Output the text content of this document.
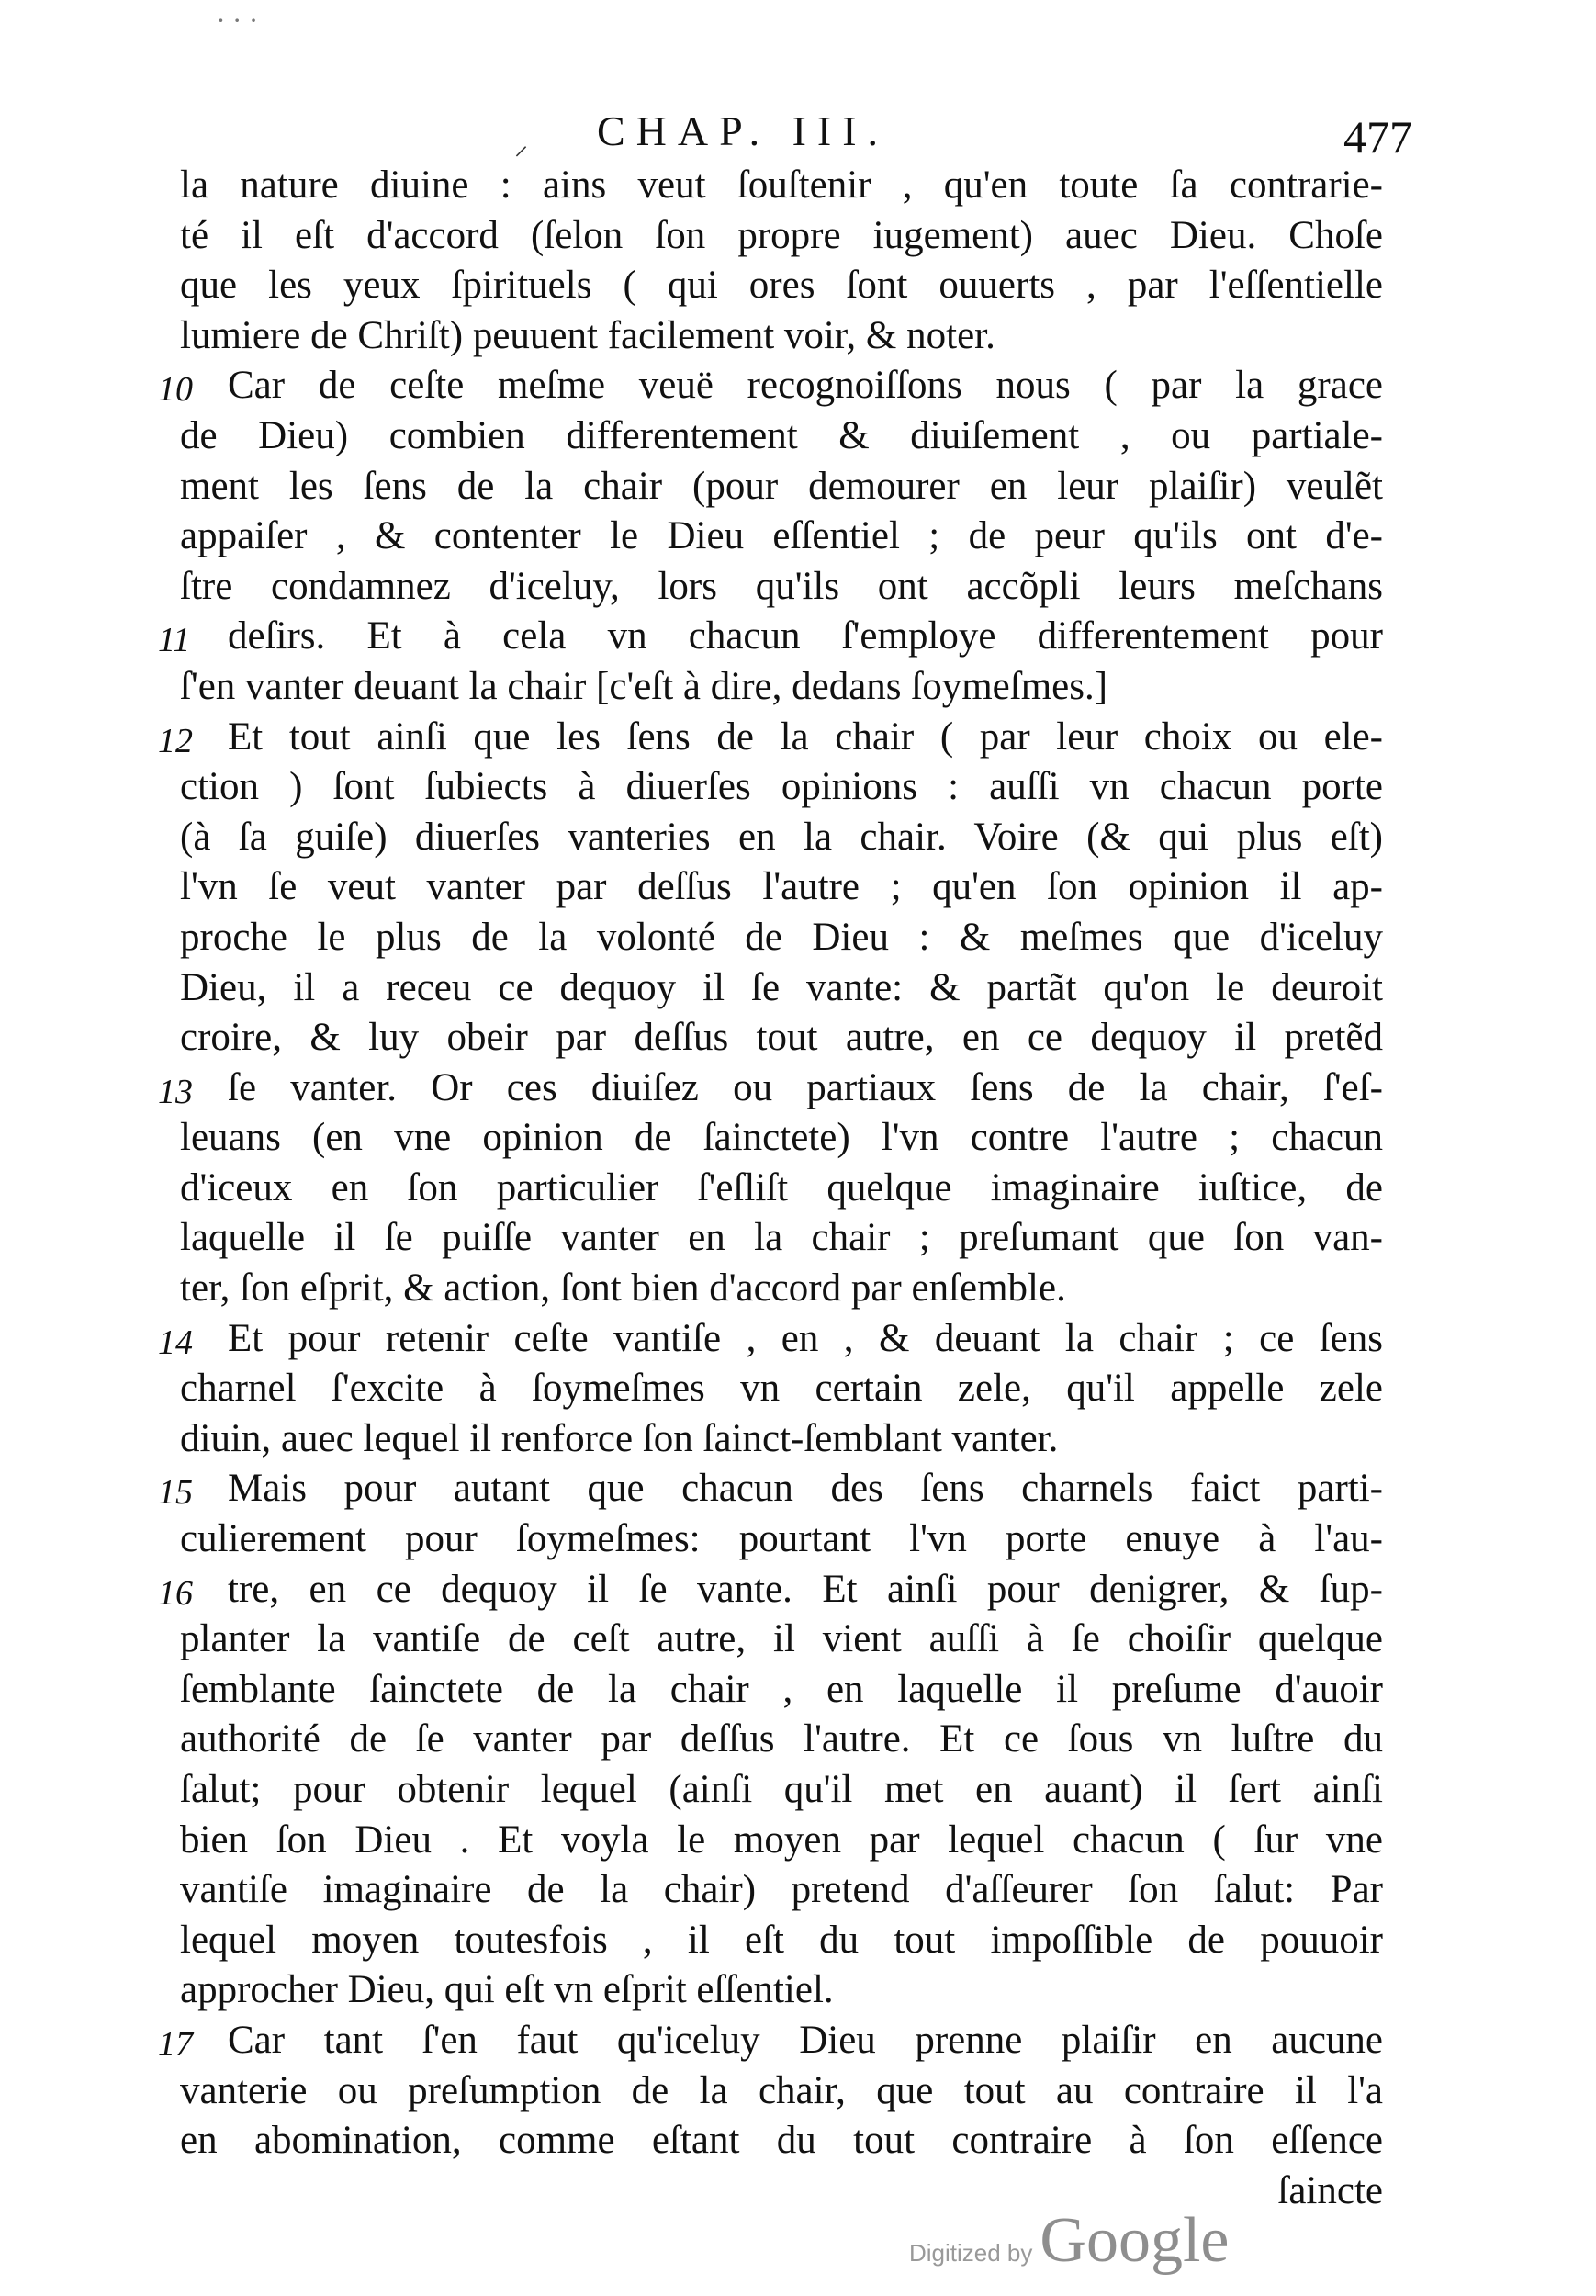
· · ·
⸝ CHAP. III.	477
la nature diuine : ains veut ſouſtenir , qu'en toute ſa contrarie-
té il eſt d'accord (ſelon ſon propre iugement) auec Dieu. Choſe
que les yeux ſpirituels ( qui ores ſont ouuerts , par l'eſſentielle
lumiere de Chriſt) peuuent facilement voir, & noter.
10 Car de ceſte meſme veuë recognoiſſons nous ( par la grace
de Dieu) combien differentement & diuiſement , ou partiale-
ment les ſens de la chair (pour demourer en leur plaiſir) veulẽt
appaiſer , & contenter le Dieu eſſentiel ; de peur qu'ils ont d'e-
ſtre condamnez d'iceluy, lors qu'ils ont accõpli leurs meſchans
11 deſirs. Et à cela vn chacun ſ'employe differentement pour
ſ'en vanter deuant la chair [c'eſt à dire, dedans ſoymeſmes.]
12 Et tout ainſi que les ſens de la chair ( par leur choix ou ele-
ction ) ſont ſubiects à diuerſes opinions : auſſi vn chacun porte
(à ſa guiſe) diuerſes vanteries en la chair. Voire (& qui plus eſt)
l'vn ſe veut vanter par deſſus l'autre ; qu'en ſon opinion il ap-
proche le plus de la volonté de Dieu : & meſmes que d'iceluy
Dieu, il a receu ce dequoy il ſe vante: & partãt qu'on le deuroit
croire, & luy obeir par deſſus tout autre, en ce dequoy il pretẽd
13 ſe vanter. Or ces diuiſez ou partiaux ſens de la chair, ſ'eſ-
leuans (en vne opinion de ſainctete) l'vn contre l'autre ; chacun
d'iceux en ſon particulier ſ'eſliſt quelque imaginaire iuſtice, de
laquelle il ſe puiſſe vanter en la chair ; preſumant que ſon van-
ter, ſon eſprit, & action, ſont bien d'accord par enſemble.
14 Et pour retenir ceſte vantiſe , en , & deuant la chair ; ce ſens
charnel ſ'excite à ſoymeſmes vn certain zele, qu'il appelle zele
diuin, auec lequel il renforce ſon ſainct-ſemblant vanter.
15 Mais pour autant que chacun des ſens charnels faict parti-
culierement pour ſoymeſmes: pourtant l'vn porte enuye à l'au-
16 tre, en ce dequoy il ſe vante. Et ainſi pour denigrer, & ſup-
planter la vantiſe de ceſt autre, il vient auſſi à ſe choiſir quelque
ſemblante ſainctete de la chair , en laquelle il preſume d'auoir
authorité de ſe vanter par deſſus l'autre. Et ce ſous vn luſtre du
ſalut; pour obtenir lequel (ainſi qu'il met en auant) il ſert ainſi
bien ſon Dieu . Et voyla le moyen par lequel chacun ( ſur vne
vantiſe imaginaire de la chair) pretend d'aſſeurer ſon ſalut: Par
lequel moyen toutesfois , il eſt du tout impoſſible de pouuoir
approcher Dieu, qui eſt vn eſprit eſſentiel.
17 Car tant ſ'en faut qu'iceluy Dieu prenne plaiſir en aucune
vanterie ou preſumption de la chair, que tout au contraire il l'a
en abomination, comme eſtant du tout contraire à ſon eſſence
ſaincte
Digitized by Google
